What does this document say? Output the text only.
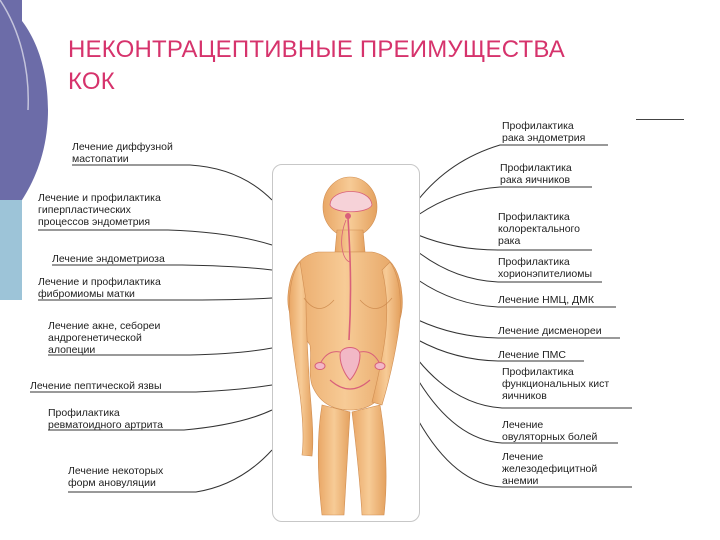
НЕКОНТРАЦЕПТИВНЫЕ ПРЕИМУЩЕСТВА
КОК
Лечение диффузной
мастопатии
Лечение и профилактика
гиперпластических
процессов эндометрия
Лечение эндометриоза
Лечение и профилактика
фибромиомы матки
Лечение акне, себореи
андрогенетической
алопеции
Лечение пептической язвы
Профилактика
ревматоидного артрита
Лечение некоторых
форм ановуляции
Профилактика
рака эндометрия
Профилактика
рака яичников
Профилактика
колоректального
рака
Профилактика
хорионэпителиомы
Лечение НМЦ, ДМК
Лечение дисменореи
Лечение ПМС
Профилактика
функциональных кист
яичников
Лечение
овуляторных болей
Лечение
железодефицитной
анемии
